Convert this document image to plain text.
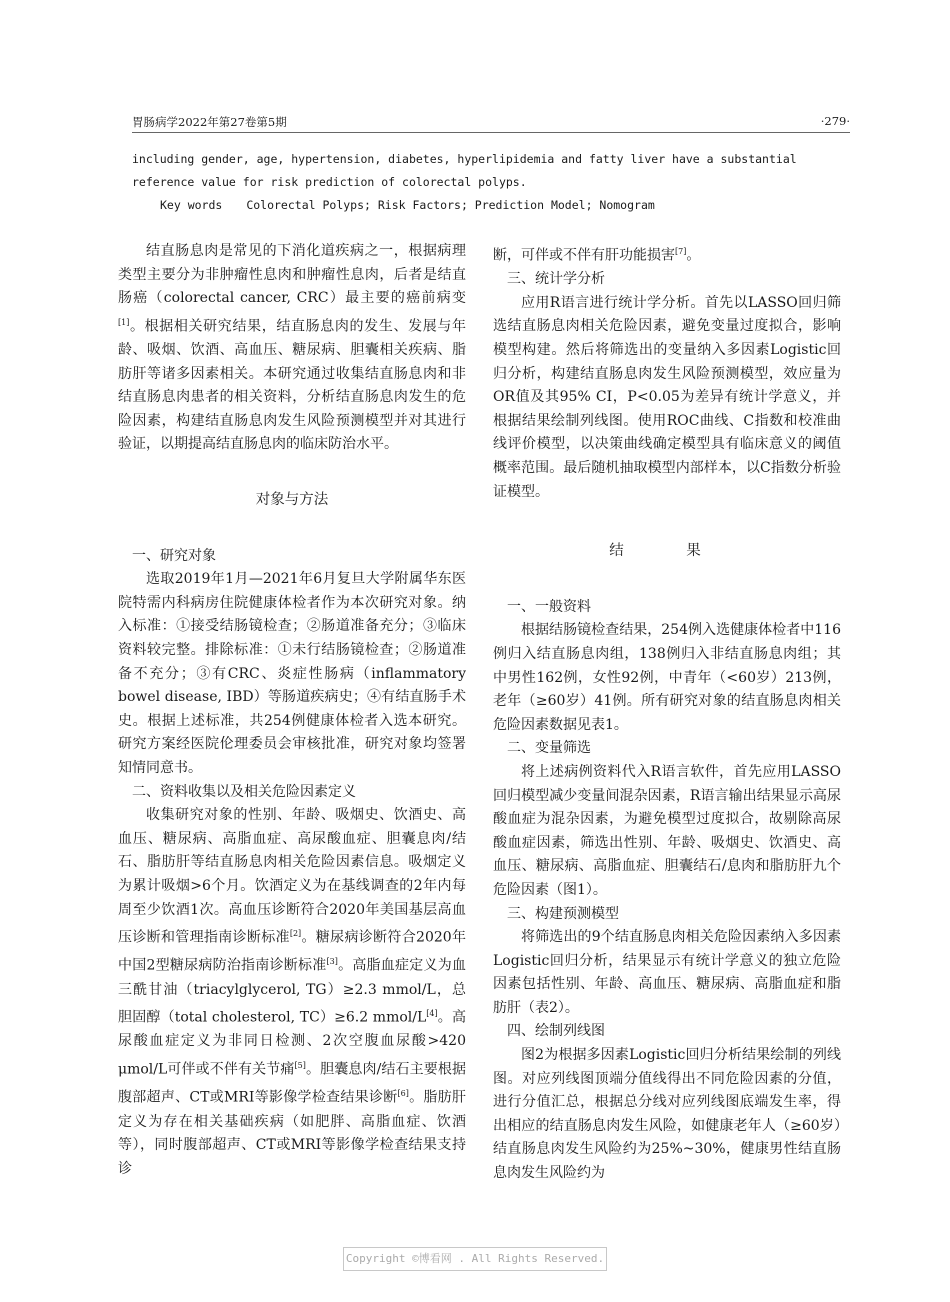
胃肠病学2022年第27卷第5期	·279·
including gender, age, hypertension, diabetes, hyperlipidemia and fatty liver have a substantial reference value for risk prediction of colorectal polyps.
Key words Colorectal Polyps; Risk Factors; Prediction Model; Nomogram

结直肠息肉是常见的下消化道疾病之一，根据病理类型主要分为非肿瘤性息肉和肿瘤性息肉，后者是结直肠癌（colorectal cancer, CRC）最主要的癌前病变[1]。根据相关研究结果，结直肠息肉的发生、发展与年龄、吸烟、饮酒、高血压、糖尿病、胆囊相关疾病、脂肪肝等诸多因素相关。本研究通过收集结直肠息肉和非结直肠息肉患者的相关资料，分析结直肠息肉发生的危险因素，构建结直肠息肉发生风险预测模型并对其进行验证，以期提高结直肠息肉的临床防治水平。

对象与方法

一、研究对象

选取2019年1月—2021年6月复旦大学附属华东医院特需内科病房住院健康体检者作为本次研究对象。纳入标准：①接受结肠镜检查；②肠道准备充分；③临床资料较完整。排除标准：①未行结肠镜检查；②肠道准备不充分；③有CRC、炎症性肠病（inflammatory bowel disease, IBD）等肠道疾病史；④有结直肠手术史。根据上述标准，共254例健康体检者入选本研究。研究方案经医院伦理委员会审核批准，研究对象均签署知情同意书。

二、资料收集以及相关危险因素定义

收集研究对象的性别、年龄、吸烟史、饮酒史、高血压、糖尿病、高脂血症、高尿酸血症、胆囊息肉/结石、脂肪肝等结直肠息肉相关危险因素信息。吸烟定义为累计吸烟>6个月。饮酒定义为在基线调查的2年内每周至少饮酒1次。高血压诊断符合2020年美国基层高血压诊断和管理指南诊断标准[2]。糖尿病诊断符合2020年中国2型糖尿病防治指南诊断标准[3]。高脂血症定义为血三酰甘油（triacylglycerol, TG）≥2.3 mmol/L，总胆固醇（total cholesterol, TC）≥6.2 mmol/L[4]。高尿酸血症定义为非同日检测、2次空腹血尿酸>420 μmol/L可伴或不伴有关节痛[5]。胆囊息肉/结石主要根据腹部超声、CT或MRI等影像学检查结果诊断[6]。脂肪肝定义为存在相关基础疾病（如肥胖、高脂血症、饮酒等），同时腹部超声、CT或MRI等影像学检查结果支持诊

断，可伴或不伴有肝功能损害[7]。

三、统计学分析

应用R语言进行统计学分析。首先以LASSO回归筛选结直肠息肉相关危险因素，避免变量过度拟合，影响模型构建。然后将筛选出的变量纳入多因素Logistic回归分析，构建结直肠息肉发生风险预测模型，效应量为OR值及其95% CI，P<0.05为差异有统计学意义，并根据结果绘制列线图。使用ROC曲线、C指数和校准曲线评价模型，以决策曲线确定模型具有临床意义的阈值概率范围。最后随机抽取模型内部样本，以C指数分析验证模型。

结　果

一、一般资料

根据结肠镜检查结果，254例入选健康体检者中116例归入结直肠息肉组，138例归入非结直肠息肉组；其中男性162例，女性92例，中青年（<60岁）213例，老年（≥60岁）41例。所有研究对象的结直肠息肉相关危险因素数据见表1。

二、变量筛选

将上述病例资料代入R语言软件，首先应用LASSO回归模型减少变量间混杂因素，R语言输出结果显示高尿酸血症为混杂因素，为避免模型过度拟合，故剔除高尿酸血症因素，筛选出性别、年龄、吸烟史、饮酒史、高血压、糖尿病、高脂血症、胆囊结石/息肉和脂肪肝九个危险因素（图1）。

三、构建预测模型

将筛选出的9个结直肠息肉相关危险因素纳入多因素Logistic回归分析，结果显示有统计学意义的独立危险因素包括性别、年龄、高血压、糖尿病、高脂血症和脂肪肝（表2）。

四、绘制列线图

图2为根据多因素Logistic回归分析结果绘制的列线图。对应列线图顶端分值线得出不同危险因素的分值，进行分值汇总，根据总分线对应列线图底端发生率，得出相应的结直肠息肉发生风险，如健康老年人（≥60岁）结直肠息肉发生风险约为25%~30%，健康男性结直肠息肉发生风险约为

Copyright ©博看网 . All Rights Reserved.
